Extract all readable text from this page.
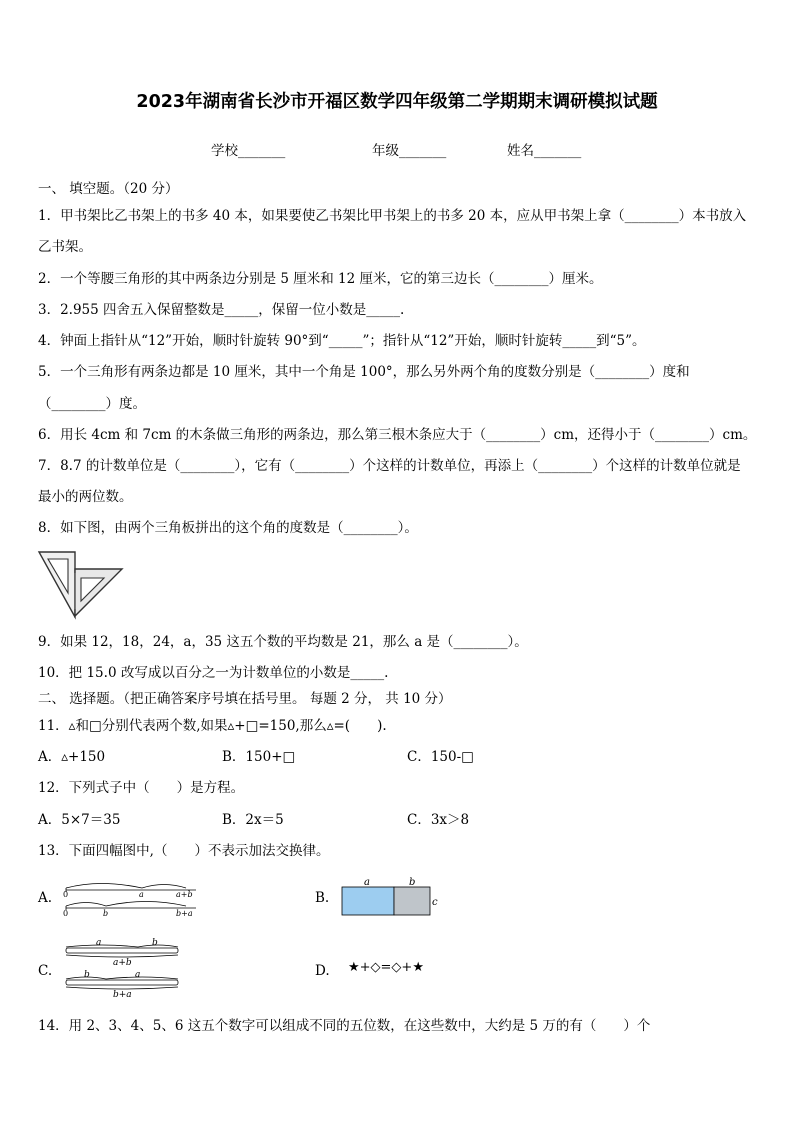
2023年湖南省长沙市开福区数学四年级第二学期期末调研模拟试题
学校_______	年级_______	姓名_______
一、 填空题。（20 分）
1．甲书架比乙书架上的书多 40 本，如果要使乙书架比甲书架上的书多 20 本，应从甲书架上拿（________）本书放入
乙书架。
2．一个等腰三角形的其中两条边分别是 5 厘米和 12 厘米，它的第三边长（________）厘米。
3．2.955 四舍五入保留整数是_____，保留一位小数是_____.
4．钟面上指针从“12”开始，顺时针旋转 90°到“_____”；指针从“12”开始，顺时针旋转_____到“5”。
5．一个三角形有两条边都是 10 厘米，其中一个角是 100°，那么另外两个角的度数分别是（________）度和
（________）度。
6．用长 4cm 和 7cm 的木条做三角形的两条边，那么第三根木条应大于（________）cm，还得小于（________）cm。
7．8.7 的计数单位是（________），它有（________）个这样的计数单位，再添上（________）个这样的计数单位就是
最小的两位数。
8．如下图，由两个三角板拼出的这个角的度数是（________）。
9．如果 12，18，24，a，35 这五个数的平均数是 21，那么 a 是（________）。
10．把 15.0 改写成以百分之一为计数单位的小数是_____.
二、 选择题。（把正确答案序号填在括号里。 每题 2 分， 共 10 分）
11．▵和□分别代表两个数,如果▵+□=150,那么▵=(　　).
A．▵+150	B．150+□	C．150-□
12．下列式子中（　　）是方程。
A．5×7＝35	B．2x＝5	C．3x＞8
13．下面四幅图中,（　　）不表示加法交换律。
A. 0	a	a+b
0	b	b+a
B.
a	b
c
C.
a	b
a+b
b	a
b+a
D. ★+◇=◇+★
14．用 2、3、4、5、6 这五个数字可以组成不同的五位数，在这些数中，大约是 5 万的有（　　）个
